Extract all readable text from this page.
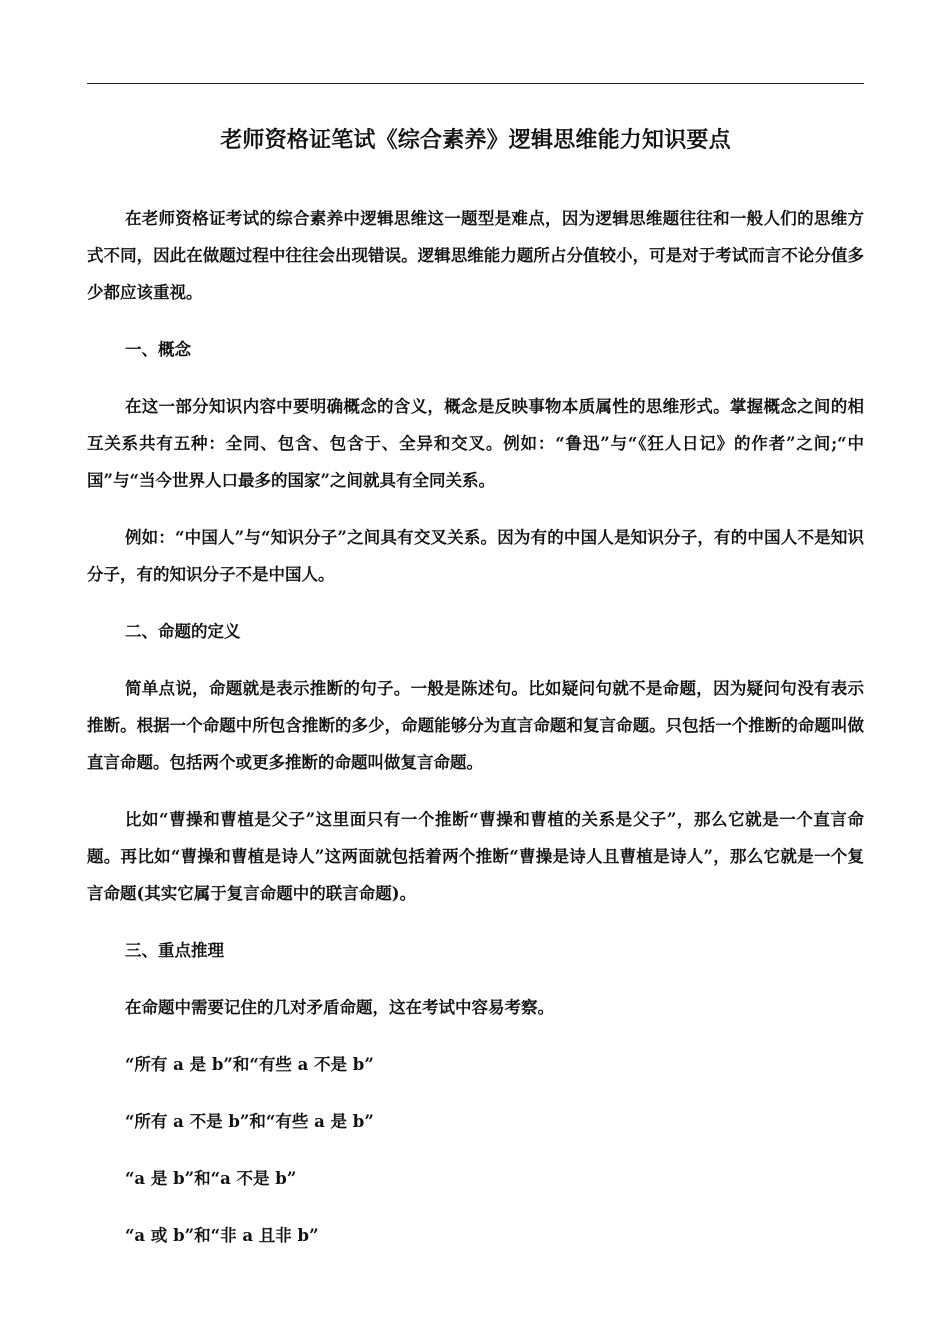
老师资格证笔试《综合素养》逻辑思维能力知识要点

在老师资格证考试的综合素养中逻辑思维这一题型是难点，因为逻辑思维题往往和一般人们的思维方式不同，因此在做题过程中往往会出现错误。逻辑思维能力题所占分值较小，可是对于考试而言不论分值多少都应该重视。

一、概念

在这一部分知识内容中要明确概念的含义，概念是反映事物本质属性的思维形式。掌握概念之间的相互关系共有五种：全同、包含、包含于、全异和交叉。例如：“鲁迅”与“《狂人日记》的作者”之间;“中国”与“当今世界人口最多的国家”之间就具有全同关系。

例如：“中国人”与“知识分子”之间具有交叉关系。因为有的中国人是知识分子，有的中国人不是知识分子，有的知识分子不是中国人。

二、命题的定义

简单点说，命题就是表示推断的句子。一般是陈述句。比如疑问句就不是命题，因为疑问句没有表示推断。根据一个命题中所包含推断的多少，命题能够分为直言命题和复言命题。只包括一个推断的命题叫做直言命题。包括两个或更多推断的命题叫做复言命题。

比如“曹操和曹植是父子”这里面只有一个推断“曹操和曹植的关系是父子”，那么它就是一个直言命题。再比如“曹操和曹植是诗人”这两面就包括着两个推断“曹操是诗人且曹植是诗人”，那么它就是一个复言命题(其实它属于复言命题中的联言命题)。

三、重点推理

在命题中需要记住的几对矛盾命题，这在考试中容易考察。

“所有 a 是 b”和“有些 a 不是 b”

“所有 a 不是 b”和“有些 a 是 b”

“a 是 b”和“a 不是 b”

“a 或 b”和“非 a 且非 b”
